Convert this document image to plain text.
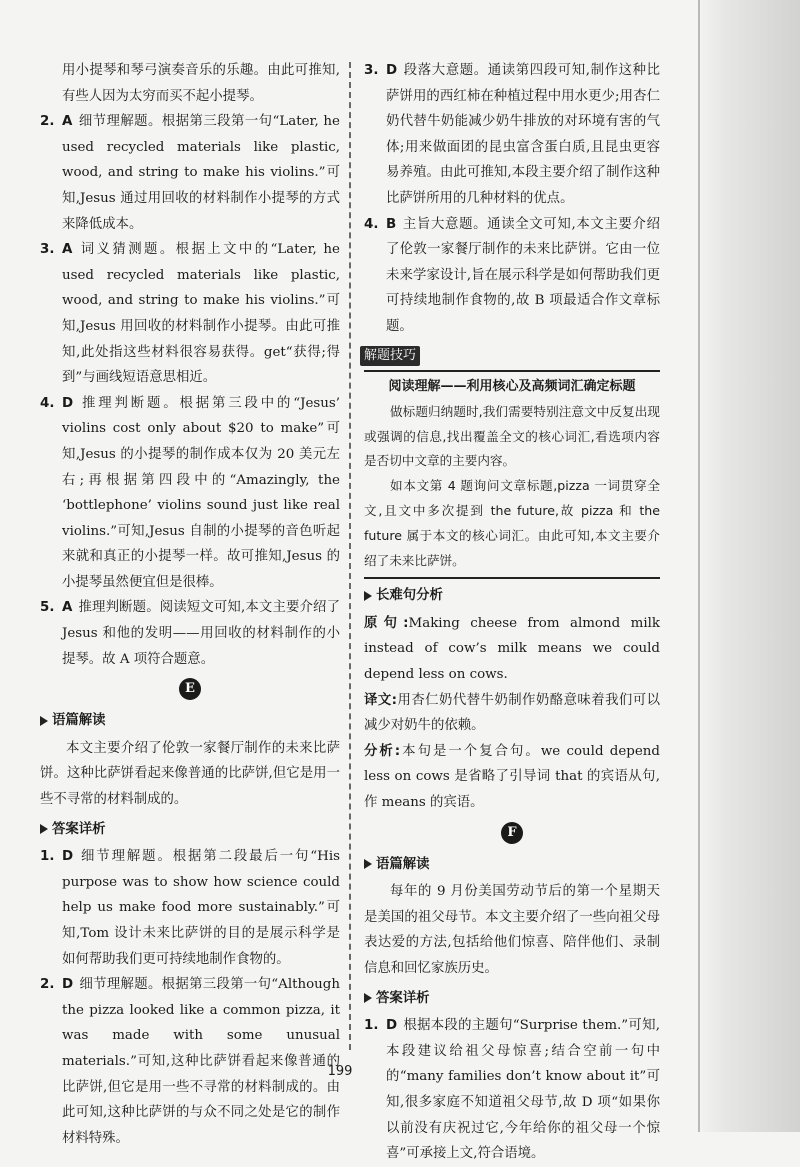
用小提琴和琴弓演奏音乐的乐趣。由此可推知,有些人因为太穷而买不起小提琴。

2. A 细节理解题。根据第三段第一句“Later, he used recycled materials like plastic, wood, and string to make his violins.”可知,Jesus 通过用回收的材料制作小提琴的方式来降低成本。

3. A 词义猜测题。根据上文中的“Later, he used recycled materials like plastic, wood, and string to make his violins.”可知,Jesus 用回收的材料制作小提琴。由此可推知,此处指这些材料很容易获得。get“获得;得到”与画线短语意思相近。

4. D 推理判断题。根据第三段中的“Jesus’ violins cost only about $20 to make”可知,Jesus 的小提琴的制作成本仅为 20 美元左右;再根据第四段中的“Amazingly, the ‘bottlephone’ violins sound just like real violins.”可知,Jesus 自制的小提琴的音色听起来就和真正的小提琴一样。故可推知,Jesus 的小提琴虽然便宜但是很棒。

5. A 推理判断题。阅读短文可知,本文主要介绍了 Jesus 和他的发明——用回收的材料制作的小提琴。故 A 项符合题意。

E
语篇解读

本文主要介绍了伦敦一家餐厅制作的未来比萨饼。这种比萨饼看起来像普通的比萨饼,但它是用一些不寻常的材料制成的。

答案详析
1. D 细节理解题。根据第二段最后一句“His purpose was to show how science could help us make food more sustainably.”可知,Tom 设计未来比萨饼的目的是展示科学是如何帮助我们更可持续地制作食物的。

2. D 细节理解题。根据第三段第一句“Although the pizza looked like a common pizza, it was made with some unusual materials.”可知,这种比萨饼看起来像普通的比萨饼,但它是用一些不寻常的材料制成的。由此可知,这种比萨饼的与众不同之处是它的制作材料特殊。

3. D 段落大意题。通读第四段可知,制作这种比萨饼用的西红柿在种植过程中用水更少;用杏仁奶代替牛奶能减少奶牛排放的对环境有害的气体;用来做面团的昆虫富含蛋白质,且昆虫更容易养殖。由此可推知,本段主要介绍了制作这种比萨饼所用的几种材料的优点。

4. B 主旨大意题。通读全文可知,本文主要介绍了伦敦一家餐厅制作的未来比萨饼。它由一位未来学家设计,旨在展示科学是如何帮助我们更可持续地制作食物的,故 B 项最适合作文章标题。

解题技巧
阅读理解——利用核心及高频词汇确定标题

做标题归纳题时,我们需要特别注意文中反复出现或强调的信息,找出覆盖全文的核心词汇,看选项内容是否切中文章的主要内容。

如本文第 4 题询问文章标题,pizza 一词贯穿全文,且文中多次提到 the future,故 pizza 和 the future 属于本文的核心词汇。由此可知,本文主要介绍了未来比萨饼。

长难句分析

原句:Making cheese from almond milk instead of cow’s milk means we could depend less on cows.

译文:用杏仁奶代替牛奶制作奶酪意味着我们可以减少对奶牛的依赖。

分析:本句是一个复合句。we could depend less on cows 是省略了引导词 that 的宾语从句,作 means 的宾语。

F
语篇解读

每年的 9 月份美国劳动节后的第一个星期天是美国的祖父母节。本文主要介绍了一些向祖父母表达爱的方法,包括给他们惊喜、陪伴他们、录制信息和回忆家族历史。

答案详析
1. D 根据本段的主题句“Surprise them.”可知,本段建议给祖父母惊喜;结合空前一句中的“many families don’t know about it”可知,很多家庭不知道祖父母节,故 D 项“如果你以前没有庆祝过它,今年给你的祖父母一个惊喜”可承接上文,符合语境。

199
